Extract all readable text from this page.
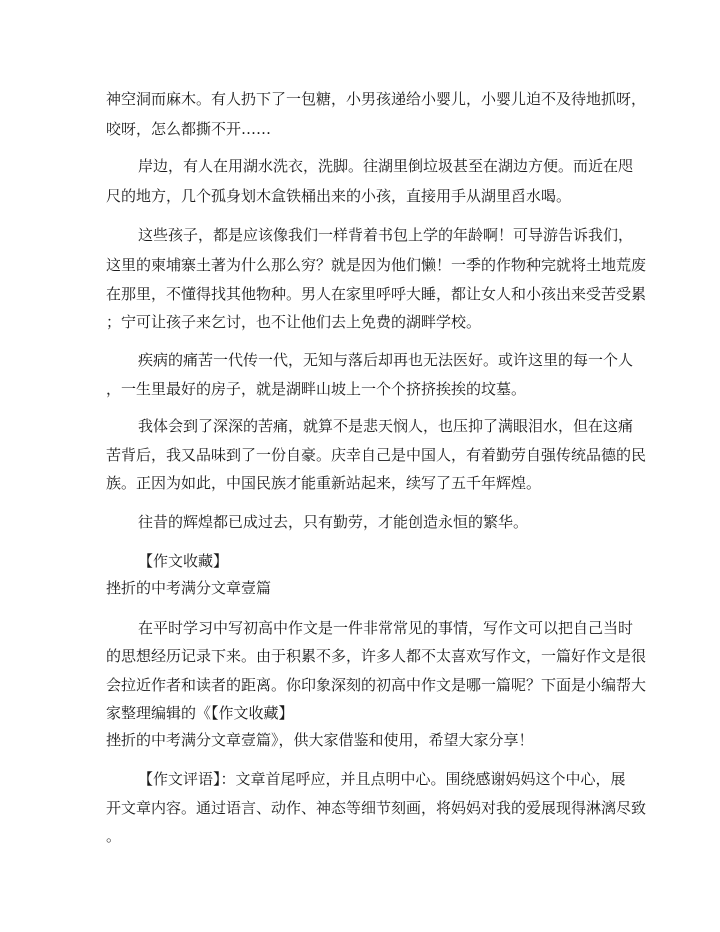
神空洞而麻木。有人扔下了一包糖，小男孩递给小婴儿，小婴儿迫不及待地抓呀，
咬呀，怎么都撕不开……
岸边，有人在用湖水洗衣，洗脚。往湖里倒垃圾甚至在湖边方便。而近在咫
尺的地方，几个孤身划木盒铁桶出来的小孩，直接用手从湖里舀水喝。
这些孩子，都是应该像我们一样背着书包上学的年龄啊！可导游告诉我们，
这里的柬埔寨土著为什么那么穷？就是因为他们懒！一季的作物种完就将土地荒废
在那里，不懂得找其他物种。男人在家里呼呼大睡，都让女人和小孩出来受苦受累
；宁可让孩子来乞讨，也不让他们去上免费的湖畔学校。
疾病的痛苦一代传一代，无知与落后却再也无法医好。或许这里的每一个人
，一生里最好的房子，就是湖畔山坡上一个个挤挤挨挨的坟墓。
我体会到了深深的苦痛，就算不是悲天悯人，也压抑了满眼泪水，但在这痛
苦背后，我又品味到了一份自豪。庆幸自己是中国人，有着勤劳自强传统品德的民
族。正因为如此，中国民族才能重新站起来，续写了五千年辉煌。
往昔的辉煌都已成过去，只有勤劳，才能创造永恒的繁华。
【作文收藏】
挫折的中考满分文章壹篇
在平时学习中写初高中作文是一件非常常见的事情，写作文可以把自己当时
的思想经历记录下来。由于积累不多，许多人都不太喜欢写作文，一篇好作文是很
会拉近作者和读者的距离。你印象深刻的初高中作文是哪一篇呢？下面是小编帮大
家整理编辑的《【作文收藏】
挫折的中考满分文章壹篇》，供大家借鉴和使用，希望大家分享！
【作文评语】：文章首尾呼应，并且点明中心。围绕感谢妈妈这个中心，展
开文章内容。通过语言、动作、神态等细节刻画，将妈妈对我的爱展现得淋漓尽致
。
